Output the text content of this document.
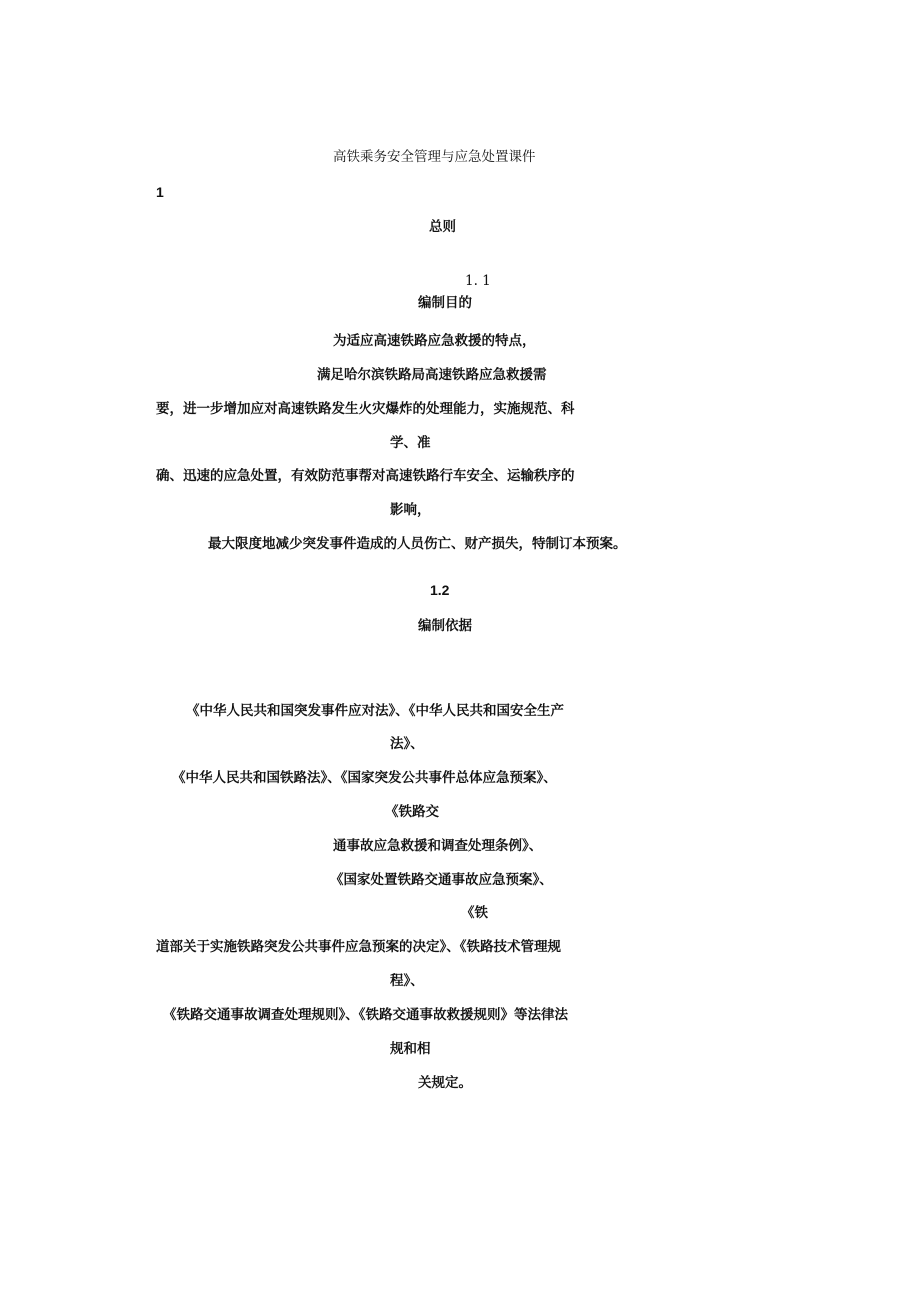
高铁乘务安全管理与应急处置课件
1
总则
1. 1
编制目的
为适应高速铁路应急救援的特点，
满足哈尔滨铁路局高速铁路应急救援需
要，进一步增加应对高速铁路发生火灾爆炸的处理能力，实施规范、科
学、准
确、迅速的应急处置，有效防范事帮对高速铁路行车安全、运输秩序的
影响，
最大限度地减少突发事件造成的人员伤亡、财产损失，特制订本预案。
1.2
编制依据
《中华人民共和国突发事件应对法》、《中华人民共和国安全生产
法》、
《中华人民共和国铁路法》、《国家突发公共事件总体应急预案》、
《铁路交
通事故应急救援和调查处理条例》、
《国家处置铁路交通事故应急预案》、
《铁
道部关于实施铁路突发公共事件应急预案的决定》、《铁路技术管理规
程》、
《铁路交通事故调查处理规则》、《铁路交通事故救援规则》等法律法
规和相
关规定。
